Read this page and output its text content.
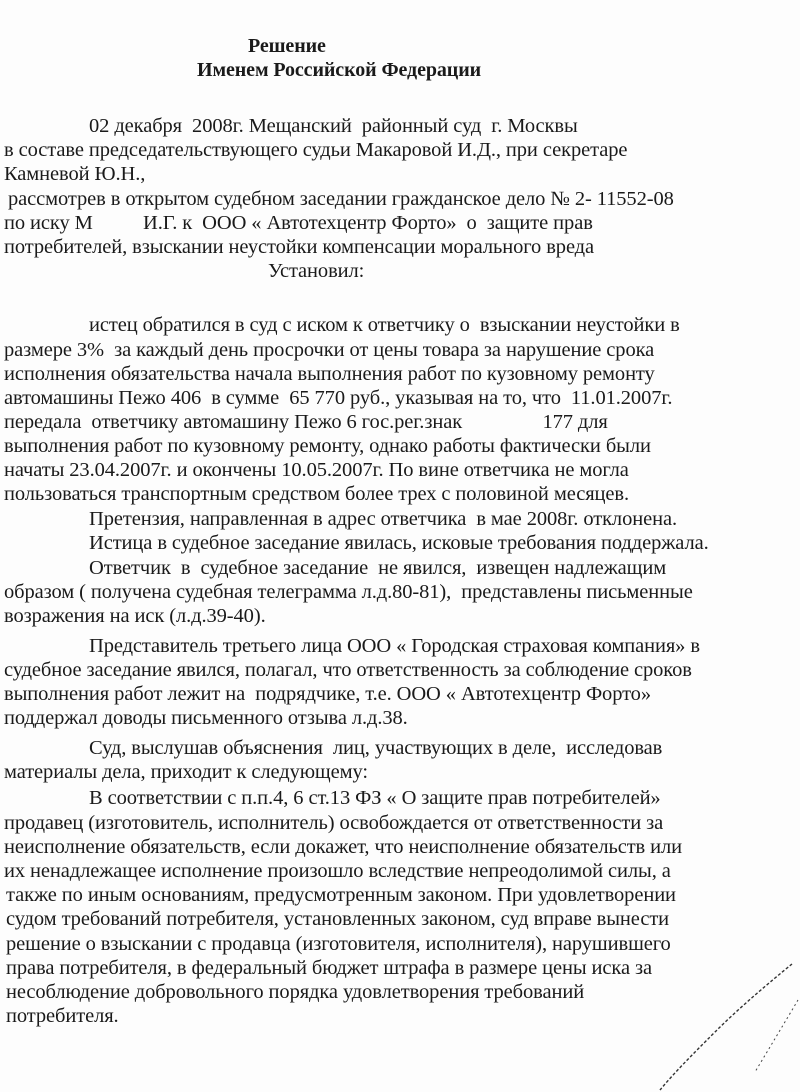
Решение
Именем Российской Федерации
02 декабря  2008г. Мещанский  районный суд  г. Москвы
в составе председательствующего судьи Макаровой И.Д., при секретаре
Камневой Ю.Н.,
рассмотрев в открытом судебном заседании гражданское дело № 2- 11552-08
по иску М          И.Г. к  ООО « Автотехцентр Форто»  о  защите прав
потребителей, взыскании неустойки компенсации морального вреда
Установил:
истец обратился в суд с иском к ответчику о  взыскании неустойки в
размере 3%  за каждый день просрочки от цены товара за нарушение срока
исполнения обязательства начала выполнения работ по кузовному ремонту
автомашины Пежо 406  в сумме  65 770 руб., указывая на то, что  11.01.2007г.
передала  ответчику автомашину Пежо 6 гос.рег.знак                177 для
выполнения работ по кузовному ремонту, однако работы фактически были
начаты 23.04.2007г. и окончены 10.05.2007г. По вине ответчика не могла
пользоваться транспортным средством более трех с половиной месяцев.
Претензия, направленная в адрес ответчика  в мае 2008г. отклонена.
Истица в судебное заседание явилась, исковые требования поддержала.
Ответчик  в  судебное заседание  не явился,  извещен надлежащим
образом ( получена судебная телеграмма л.д.80-81),  представлены письменные
возражения на иск (л.д.39-40).
Представитель третьего лица ООО « Городская страховая компания» в
судебное заседание явился, полагал, что ответственность за соблюдение сроков
выполнения работ лежит на  подрядчике, т.е. ООО « Автотехцентр Форто»
поддержал доводы письменного отзыва л.д.38.
Суд, выслушав объяснения  лиц, участвующих в деле,  исследовав
материалы дела, приходит к следующему:
В соответствии с п.п.4, 6 ст.13 ФЗ « О защите прав потребителей»
продавец (изготовитель, исполнитель) освобождается от ответственности за
неисполнение обязательств, если докажет, что неисполнение обязательств или
их ненадлежащее исполнение произошло вследствие непреодолимой силы, а
также по иным основаниям, предусмотренным законом. При удовлетворении
судом требований потребителя, установленных законом, суд вправе вынести
решение о взыскании с продавца (изготовителя, исполнителя), нарушившего
права потребителя, в федеральный бюджет штрафа в размере цены иска за
несоблюдение добровольного порядка удовлетворения требований
потребителя.
